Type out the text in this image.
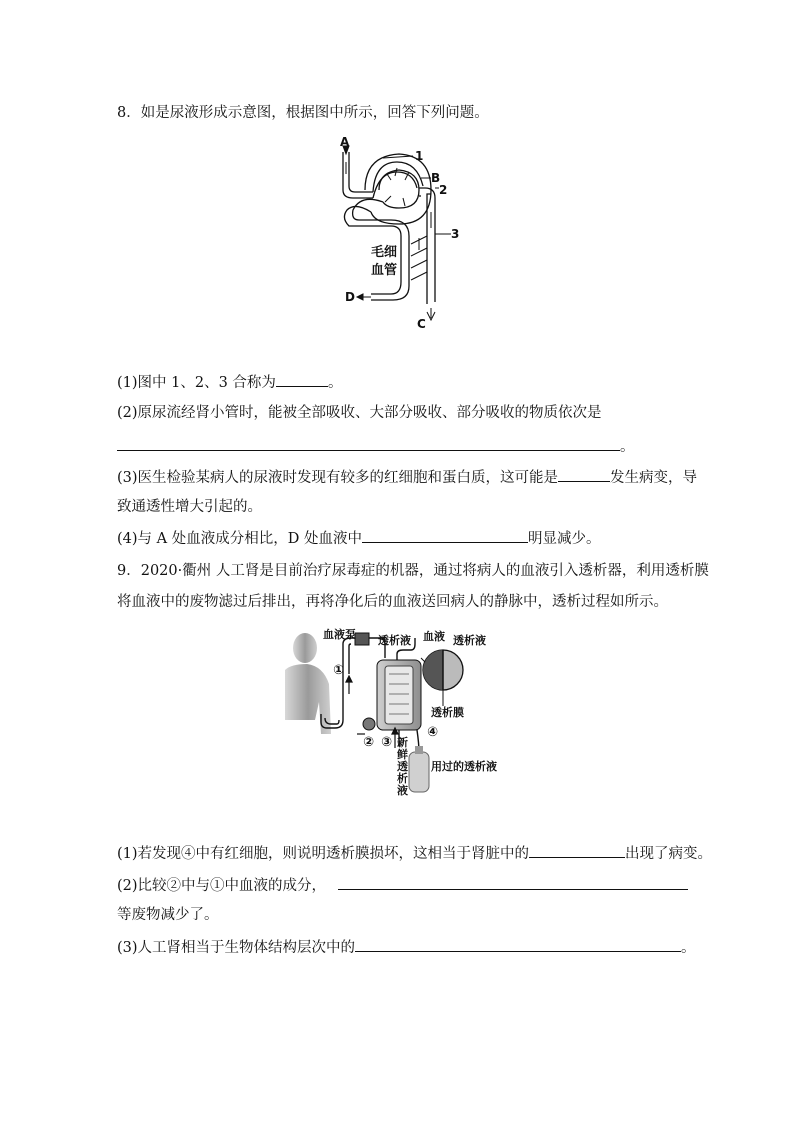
8．如是尿液形成示意图，根据图中所示，回答下列问题。
A
1
B
2
3
毛细
血管
D
C
(1)图中 1、2、3 合称为	。
(2)原尿流经肾小管时，能被全部吸收、大部分吸收、部分吸收的物质依次是
。
(3)医生检验某病人的尿液时发现有较多的红细胞和蛋白质，这可能是	发生病变，导
致通透性增大引起的。
(4)与 A 处血液成分相比，D 处血液中	明显减少。
9．2020·衢州 人工肾是目前治疗尿毒症的机器，通过将病人的血液引入透析器，利用透析膜
将血液中的废物滤过后排出，再将净化后的血液送回病人的静脉中，透析过程如所示。
血液泵 透析液 血液 透析液
透析膜
①
② ③
④
新
鲜
透
析
液
用过的透析液
(1)若发现④中有红细胞，则说明透析膜损坏，这相当于肾脏中的	出现了病变。
(2)比较②中与①中血液的成分，
等废物减少了。
(3)人工肾相当于生物体结构层次中的	。
